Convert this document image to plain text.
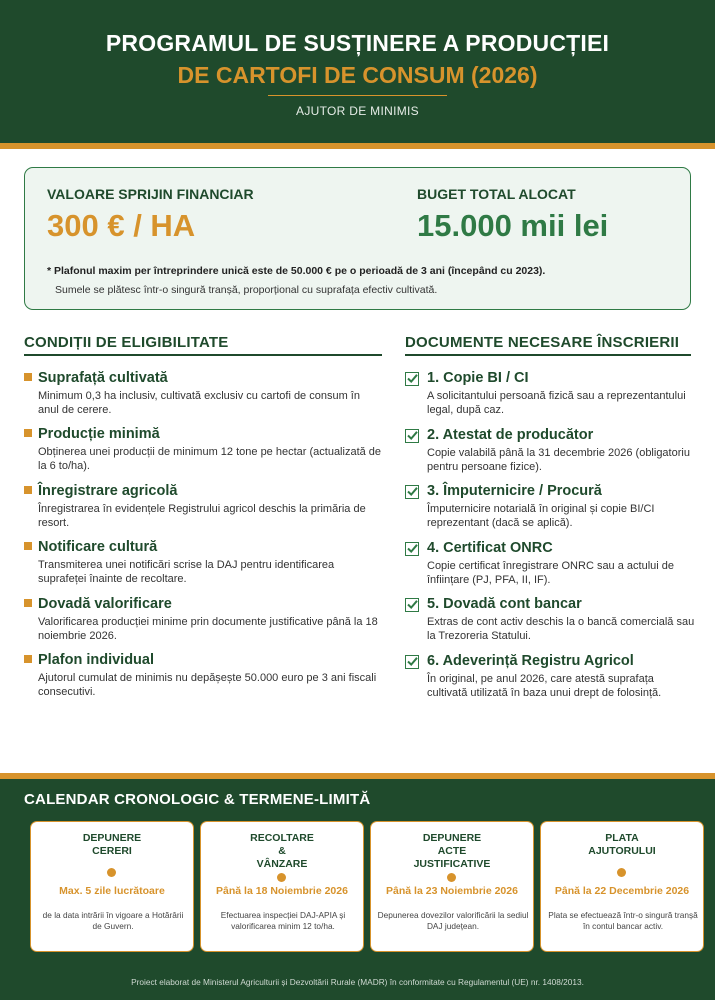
PROGRAMUL DE SUSȚINERE A PRODUCȚIEI
DE CARTOFI DE CONSUM (2026)
AJUTOR DE MINIMIS
VALOARE SPRIJIN FINANCIAR
300 € / HA
BUGET TOTAL ALOCAT
15.000 mii lei
* Plafonul maxim per întreprindere unică este de 50.000 € pe o perioadă de 3 ani (începând cu 2023).
Sumele se plătesc într-o singură tranșă, proporțional cu suprafața efectiv cultivată.
CONDIȚII DE ELIGIBILITATE
Suprafață cultivată
Minimum 0,3 ha inclusiv, cultivată exclusiv cu cartofi de consum în anul de cerere.
Producție minimă
Obținerea unei producții de minimum 12 tone pe hectar (actualizată de la 6 to/ha).
Înregistrare agricolă
Înregistrarea în evidențele Registrului agricol deschis la primăria de resort.
Notificare cultură
Transmiterea unei notificări scrise la DAJ pentru identificarea suprafeței înainte de recoltare.
Dovadă valorificare
Valorificarea producției minime prin documente justificative până la 18 noiembrie 2026.
Plafon individual
Ajutorul cumulat de minimis nu depășește 50.000 euro pe 3 ani fiscali consecutivi.
DOCUMENTE NECESARE ÎNSCRIERII
1. Copie BI / CI
A solicitantului persoană fizică sau a reprezentantului legal, după caz.
2. Atestat de producător
Copie valabilă până la 31 decembrie 2026 (obligatoriu pentru persoane fizice).
3. Împuternicire / Procură
Împuternicire notarială în original și copie BI/CI reprezentant (dacă se aplică).
4. Certificat ONRC
Copie certificat înregistrare ONRC sau a actului de înființare (PJ, PFA, II, IF).
5. Dovadă cont bancar
Extras de cont activ deschis la o bancă comercială sau la Trezoreria Statului.
6. Adeverință Registru Agricol
În original, pe anul 2026, care atestă suprafața cultivată utilizată în baza unui drept de folosință.
CALENDAR CRONOLOGIC & TERMENE-LIMITĂ
DEPUNERE
CERERI
Max. 5 zile lucrătoare
de la data intrării în vigoare a Hotărârii de Guvern.
RECOLTARE
&
VÂNZARE
Până la 18 Noiembrie 2026
Efectuarea inspecției DAJ-APIA și valorificarea minim 12 to/ha.
DEPUNERE
ACTE
JUSTIFICATIVE
Până la 23 Noiembrie 2026
Depunerea dovezilor valorificării la sediul DAJ județean.
PLATA
AJUTORULUI
Până la 22 Decembrie 2026
Plata se efectuează într-o singură tranșă în contul bancar activ.
Proiect elaborat de Ministerul Agriculturii și Dezvoltării Rurale (MADR) în conformitate cu Regulamentul (UE) nr. 1408/2013.
